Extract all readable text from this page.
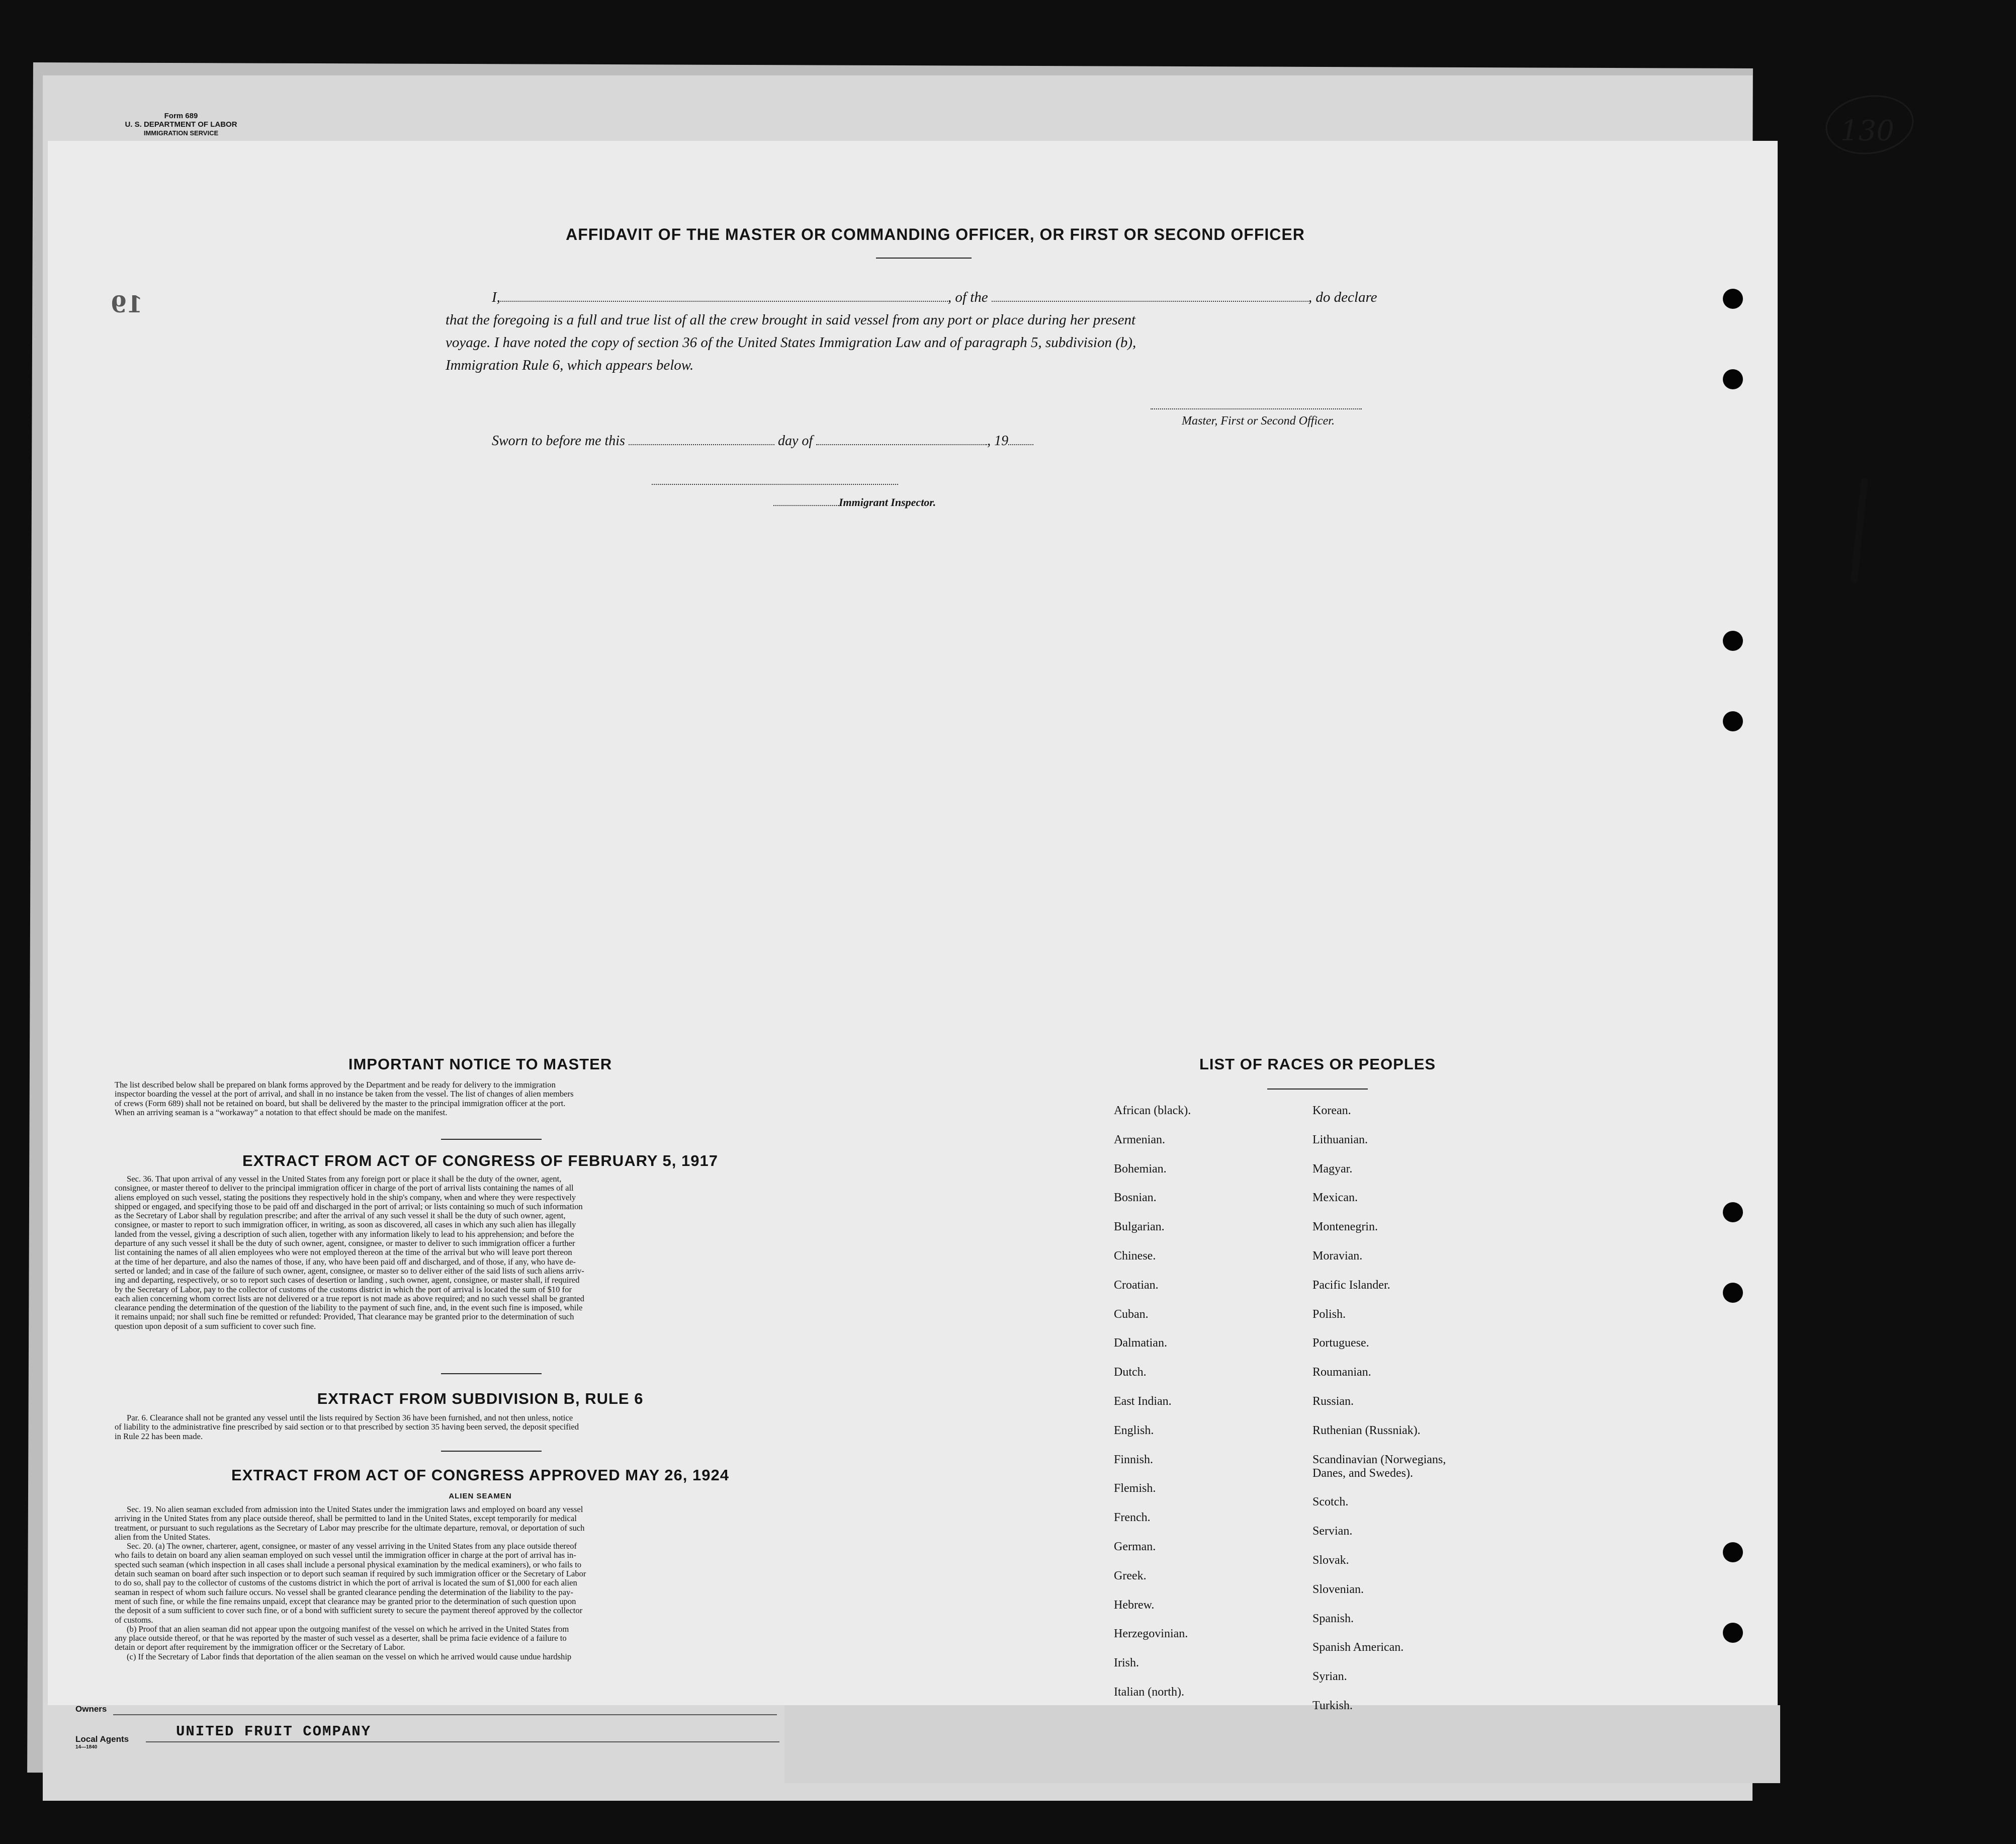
Form 689
U. S. DEPARTMENT OF LABOR
IMMIGRATION SERVICE	130
19
AFFIDAVIT OF THE MASTER OR COMMANDING OFFICER, OR FIRST OR SECOND OFFICER
I,	, of the	, do declare
that the foregoing is a full and true list of all the crew brought in said vessel from any port or place during her present
voyage. I have noted the copy of section 36 of the United States Immigration Law and of paragraph 5, subdivision (b),
Immigration Rule 6, which appears below.
Master, First or Second Officer.
Sworn to before me this	day of	, 19
Immigrant Inspector.
IMPORTANT NOTICE TO MASTER
The list described below shall be prepared on blank forms approved by the Department and be ready for delivery to the immigration
inspector boarding the vessel at the port of arrival, and shall in no instance be taken from the vessel. The list of changes of alien members
of crews (Form 689) shall not be retained on board, but shall be delivered by the master to the principal immigration officer at the port.
When an arriving seaman is a “workaway” a notation to that effect should be made on the manifest.
EXTRACT FROM ACT OF CONGRESS OF FEBRUARY 5, 1917
Sec. 36. That upon arrival of any vessel in the United States from any foreign port or place it shall be the duty of the owner, agent,
consignee, or master thereof to deliver to the principal immigration officer in charge of the port of arrival lists containing the names of all
aliens employed on such vessel, stating the positions they respectively hold in the ship's company, when and where they were respectively
shipped or engaged, and specifying those to be paid off and discharged in the port of arrival; or lists containing so much of such information
as the Secretary of Labor shall by regulation prescribe; and after the arrival of any such vessel it shall be the duty of such owner, agent,
consignee, or master to report to such immigration officer, in writing, as soon as discovered, all cases in which any such alien has illegally
landed from the vessel, giving a description of such alien, together with any information likely to lead to his apprehension; and before the
departure of any such vessel it shall be the duty of such owner, agent, consignee, or master to deliver to such immigration officer a further
list containing the names of all alien employees who were not employed thereon at the time of the arrival but who will leave port thereon
at the time of her departure, and also the names of those, if any, who have been paid off and discharged, and of those, if any, who have de-
serted or landed; and in case of the failure of such owner, agent, consignee, or master so to deliver either of the said lists of such aliens arriv-
ing and departing, respectively, or so to report such cases of desertion or landing , such owner, agent, consignee, or master shall, if required
by the Secretary of Labor, pay to the collector of customs of the customs district in which the port of arrival is located the sum of $10 for
each alien concerning whom correct lists are not delivered or a true report is not made as above required; and no such vessel shall be granted
clearance pending the determination of the question of the liability to the payment of such fine, and, in the event such fine is imposed, while
it remains unpaid; nor shall such fine be remitted or refunded: Provided, That clearance may be granted prior to the determination of such
question upon deposit of a sum sufficient to cover such fine.
EXTRACT FROM SUBDIVISION B, RULE 6
Par. 6. Clearance shall not be granted any vessel until the lists required by Section 36 have been furnished, and not then unless, notice
of liability to the administrative fine prescribed by said section or to that prescribed by section 35 having been served, the deposit specified
in Rule 22 has been made.
EXTRACT FROM ACT OF CONGRESS APPROVED MAY 26, 1924
ALIEN SEAMEN
Sec. 19. No alien seaman excluded from admission into the United States under the immigration laws and employed on board any vessel
arriving in the United States from any place outside thereof, shall be permitted to land in the United States, except temporarily for medical
treatment, or pursuant to such regulations as the Secretary of Labor may prescribe for the ultimate departure, removal, or deportation of such
alien from the United States.
Sec. 20. (a) The owner, charterer, agent, consignee, or master of any vessel arriving in the United States from any place outside thereof
who fails to detain on board any alien seaman employed on such vessel until the immigration officer in charge at the port of arrival has in-
spected such seaman (which inspection in all cases shall include a personal physical examination by the medical examiners), or who fails to
detain such seaman on board after such inspection or to deport such seaman if required by such immigration officer or the Secretary of Labor
to do so, shall pay to the collector of customs of the customs district in which the port of arrival is located the sum of $1,000 for each alien
seaman in respect of whom such failure occurs. No vessel shall be granted clearance pending the determination of the liability to the pay-
ment of such fine, or while the fine remains unpaid, except that clearance may be granted prior to the determination of such question upon
the deposit of a sum sufficient to cover such fine, or of a bond with sufficient surety to secure the payment thereof approved by the collector
of customs.
(b) Proof that an alien seaman did not appear upon the outgoing manifest of the vessel on which he arrived in the United States from
any place outside thereof, or that he was reported by the master of such vessel as a deserter, shall be prima facie evidence of a failure to
detain or deport after requirement by the immigration officer or the Secretary of Labor.
(c) If the Secretary of Labor finds that deportation of the alien seaman on the vessel on which he arrived would cause undue hardship
LIST OF RACES OR PEOPLES
African (black).
Armenian.
Bohemian.
Bosnian.
Bulgarian.
Chinese.
Croatian.
Cuban.
Dalmatian.
Dutch.
East Indian.
English.
Finnish.
Flemish.
French.
German.
Greek.
Hebrew.
Herzegovinian.
Irish.
Italian (north).
Korean.
Lithuanian.
Magyar.
Mexican.
Montenegrin.
Moravian.
Pacific Islander.
Polish.
Portuguese.
Roumanian.
Russian.
Ruthenian (Russniak).
Scandinavian (Norwegians,
Danes, and Swedes).
Scotch.
Servian.
Slovak.
Slovenian.
Spanish.
Spanish American.
Syrian.
Turkish.
Owners
Local Agents
14—1840
UNITED FRUIT COMPANY
